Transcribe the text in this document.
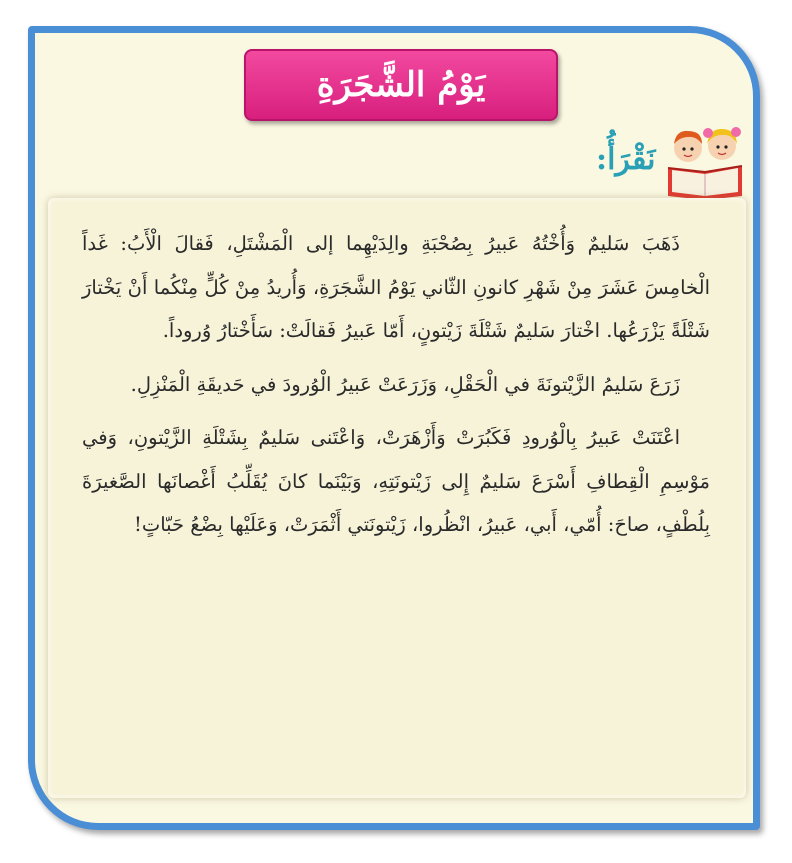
يَوْمُ الشَّجَرَةِ
نَقْرَأُ:

ذَهَبَ سَليمٌ وَأُخْتُهُ عَبيرُ بِصُحْبَةِ والِدَيْهِما إلى الْمَشْتَلِ، فَقالَ الْأَبُ: غَداً الْخامِسَ عَشَرَ مِنْ شَهْرِ كانونِ الثّاني يَوْمُ الشَّجَرَةِ، وَأُريدُ مِنْ كُلٍّ مِنْكُما أَنْ يَخْتارَ شَتْلَةً يَزْرَعُها. اخْتارَ سَليمٌ شَتْلَةَ زَيْتونٍ، أَمّا عَبيرُ فَقالَتْ: سَأَخْتارُ وُروداً.

زَرَعَ سَليمُ الزَّيْتونَةَ في الْحَقْلِ، وَزَرَعَتْ عَبيرُ الْوُرودَ في حَديقَةِ الْمَنْزِلِ.

اعْتَنَتْ عَبيرُ بِالْوُرودِ فَكَبُرَتْ وَأَزْهَرَتْ، وَاعْتَنى سَليمٌ بِشَتْلَةِ الزَّيْتونِ، وَفي مَوْسِمِ الْقِطافِ أَسْرَعَ سَليمٌ إِلى زَيْتونَتِهِ، وَبَيْنَما كانَ يُقَلِّبُ أَغْصانَها الصَّغيرَةَ بِلُطْفٍ، صاحَ: أُمّي، أَبي، عَبيرُ، انْظُروا، زَيْتونَتي أَثْمَرَتْ، وَعَلَيْها بِضْعُ حَبّاتٍ!
